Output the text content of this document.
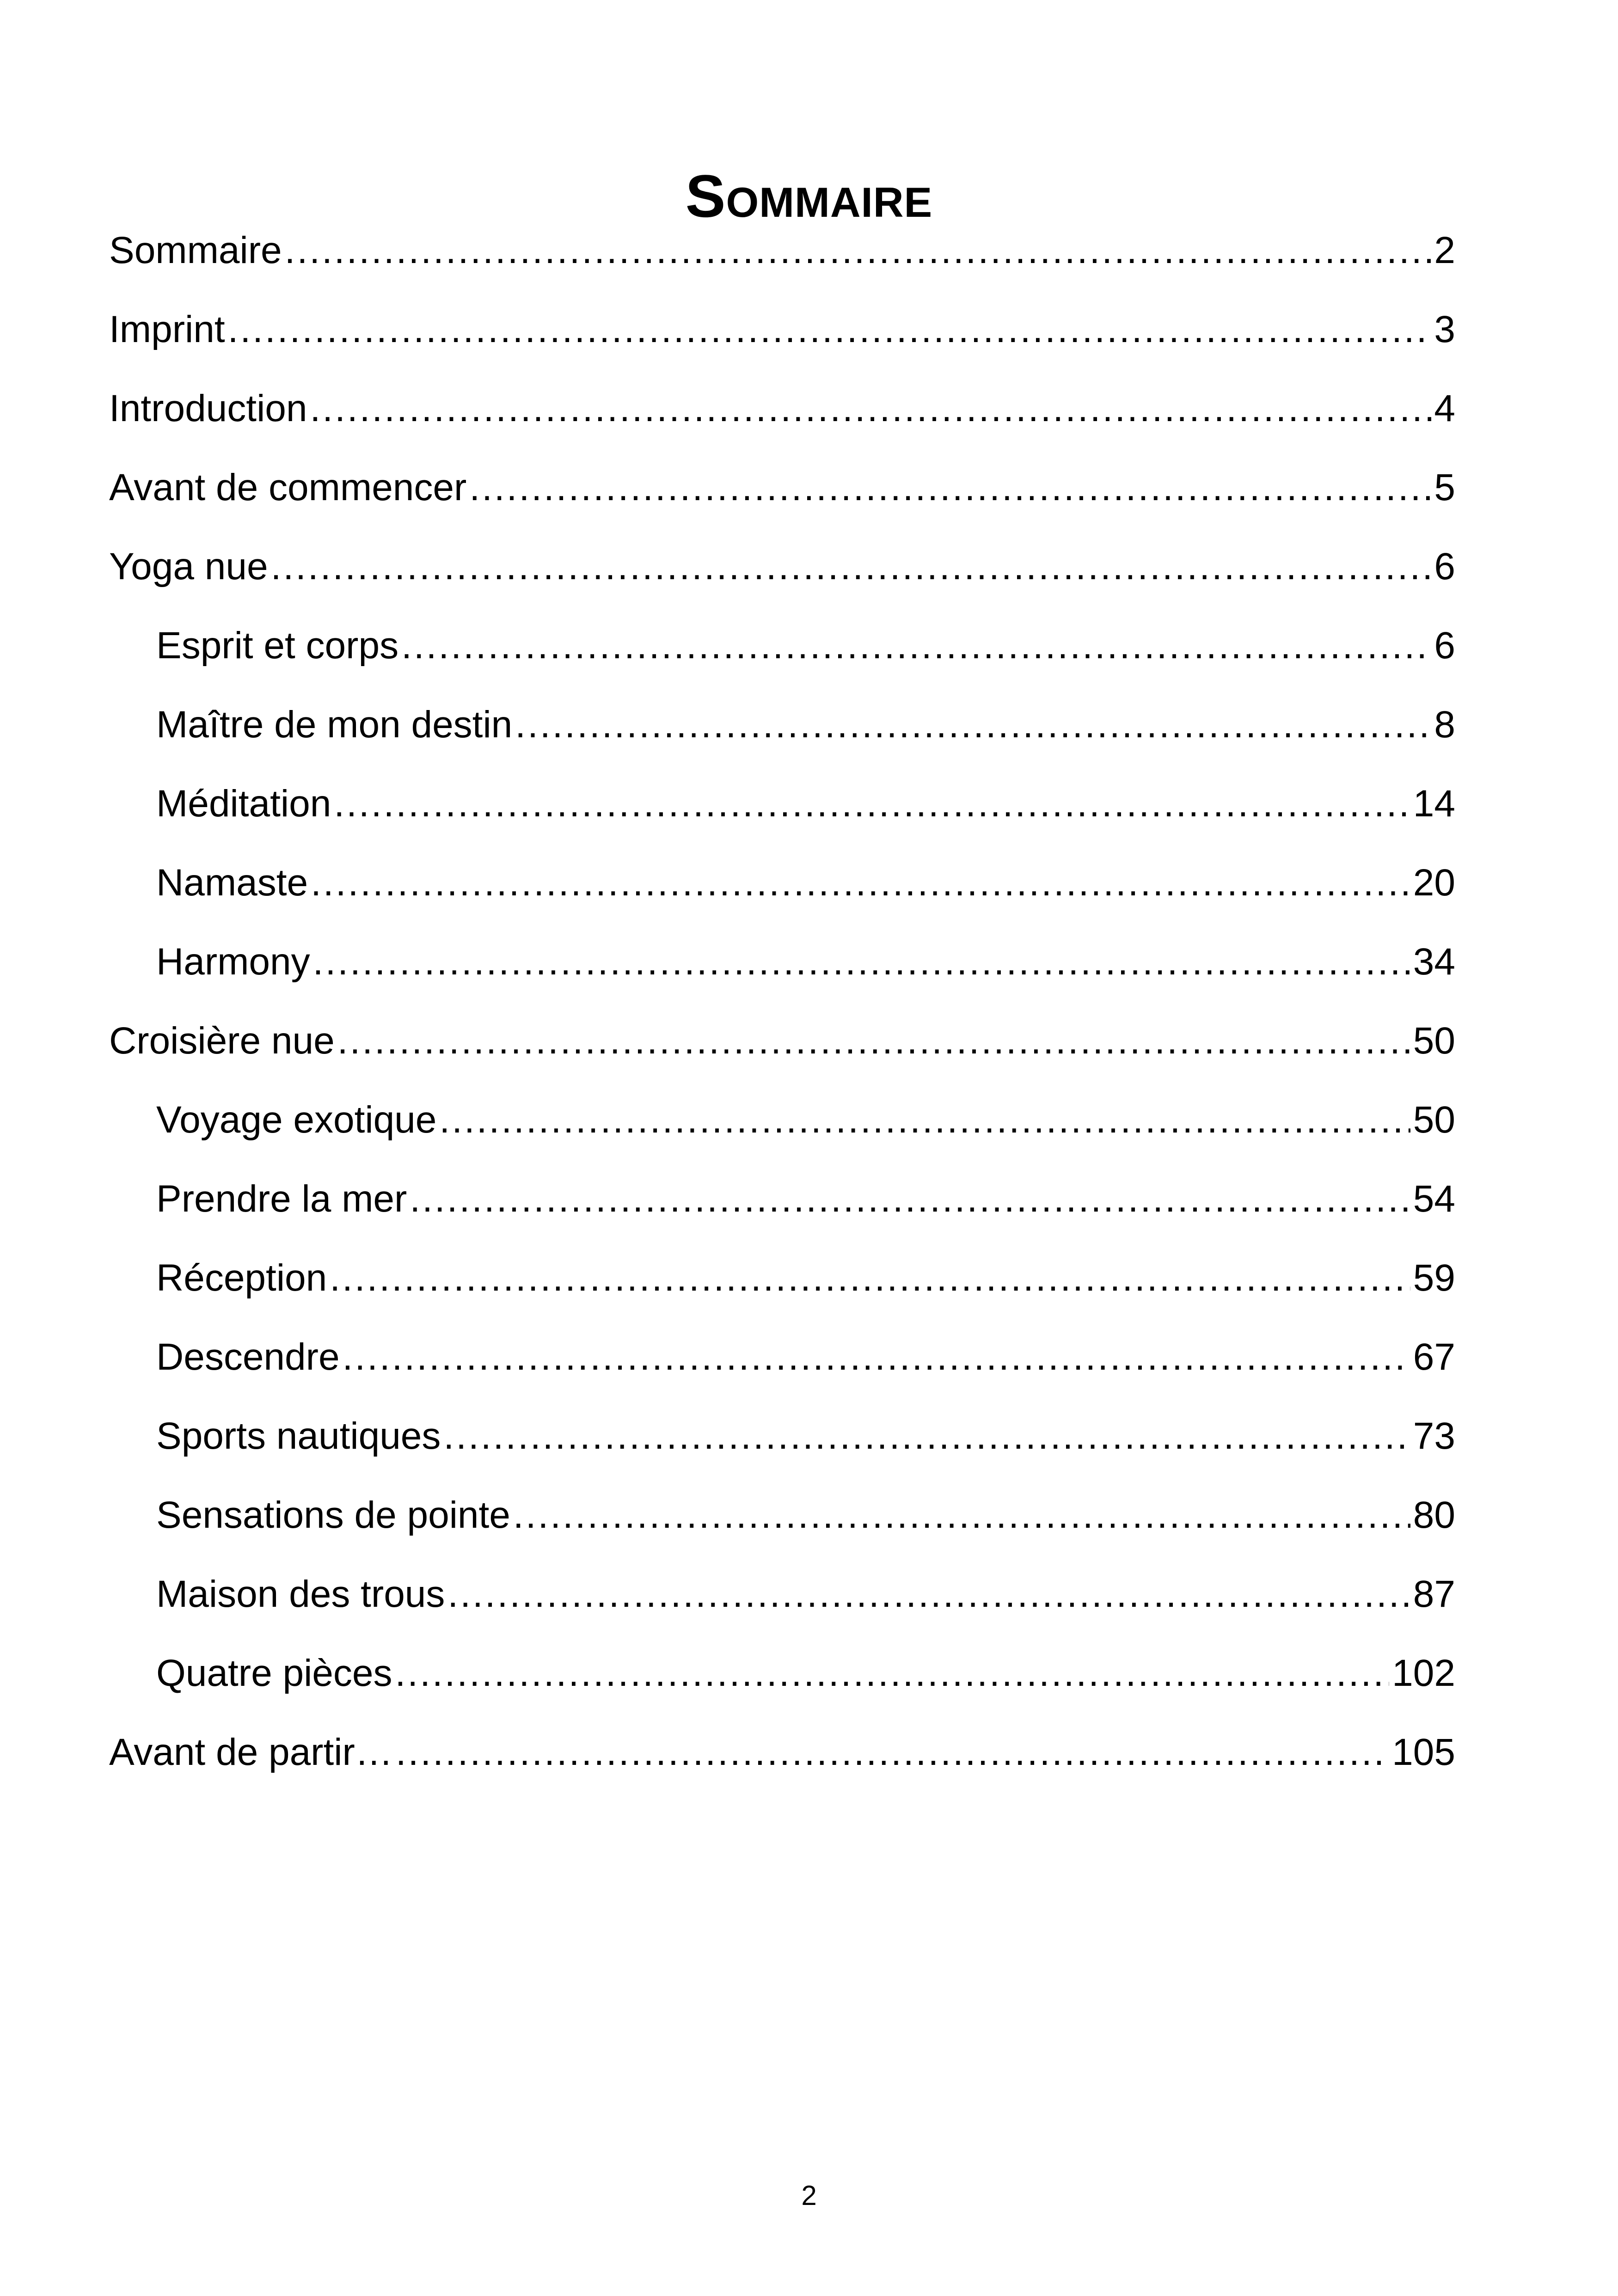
Sommaire
Sommaire .....	2
Imprint .....	3
Introduction .....	4
Avant de commencer .....	5
Yoga nue .....	6
Esprit et corps .....	6
Maître de mon destin .....	8
Méditation .....	14
Namaste .....	20
Harmony .....	34
Croisière nue .....	50
Voyage exotique .....	50
Prendre la mer .....	54
Réception .....	59
Descendre .....	67
Sports nautiques .....	73
Sensations de pointe .....	80
Maison des trous .....	87
Quatre pièces .....	102
Avant de partir… .....	105
2
